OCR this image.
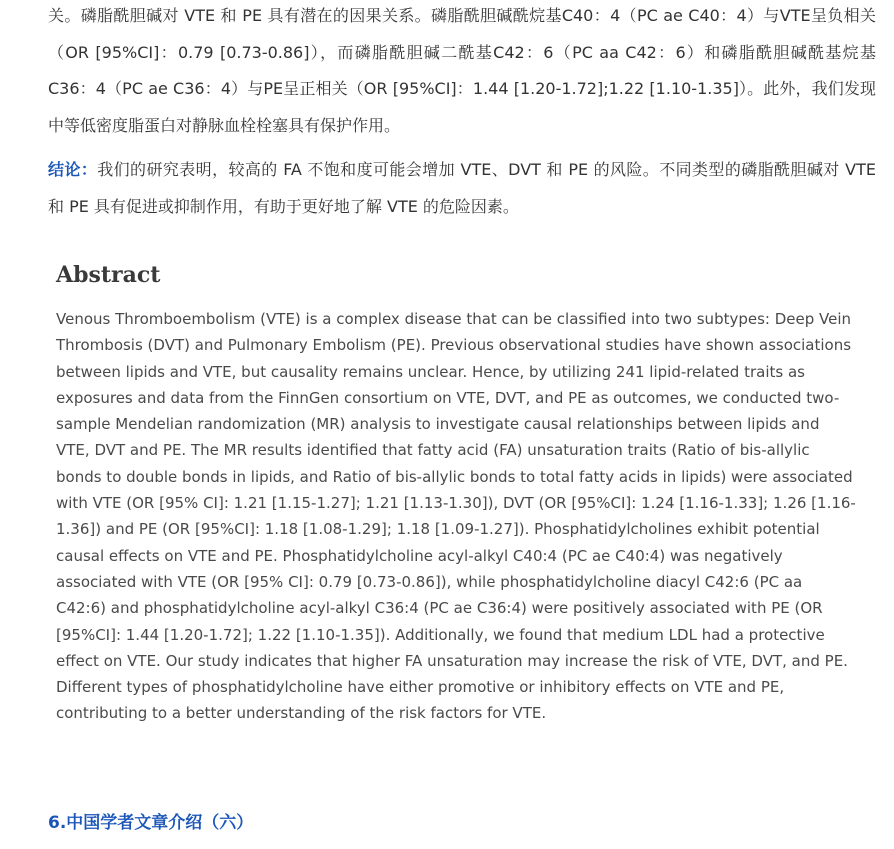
关。磷脂酰胆碱对 VTE 和 PE 具有潜在的因果关系。磷脂酰胆碱酰烷基C40：4（PC ae C40：4）与VTE呈负相关（OR [95%CI]：0.79 [0.73-0.86]），而磷脂酰胆碱二酰基C42：6（PC aa C42：6）和磷脂酰胆碱酰基烷基C36：4（PC ae C36：4）与PE呈正相关（OR [95%CI]：1.44 [1.20-1.72];1.22 [1.10-1.35]）。此外，我们发现中等低密度脂蛋白对静脉血栓栓塞具有保护作用。

结论：我们的研究表明，较高的 FA 不饱和度可能会增加 VTE、DVT 和 PE 的风险。不同类型的磷脂酰胆碱对 VTE 和 PE 具有促进或抑制作用，有助于更好地了解 VTE 的危险因素。

Abstract

Venous Thromboembolism (VTE) is a complex disease that can be classified into two subtypes: Deep Vein Thrombosis (DVT) and Pulmonary Embolism (PE). Previous observational studies have shown associations between lipids and VTE, but causality remains unclear. Hence, by utilizing 241 lipid-related traits as exposures and data from the FinnGen consortium on VTE, DVT, and PE as outcomes, we conducted two-sample Mendelian randomization (MR) analysis to investigate causal relationships between lipids and VTE, DVT and PE. The MR results identified that fatty acid (FA) unsaturation traits (Ratio of bis-allylic bonds to double bonds in lipids, and Ratio of bis-allylic bonds to total fatty acids in lipids) were associated with VTE (OR [95% CI]: 1.21 [1.15-1.27]; 1.21 [1.13-1.30]), DVT (OR [95%CI]: 1.24 [1.16-1.33]; 1.26 [1.16-1.36]) and PE (OR [95%CI]: 1.18 [1.08-1.29]; 1.18 [1.09-1.27]). Phosphatidylcholines exhibit potential causal effects on VTE and PE. Phosphatidylcholine acyl-alkyl C40:4 (PC ae C40:4) was negatively associated with VTE (OR [95% CI]: 0.79 [0.73-0.86]), while phosphatidylcholine diacyl C42:6 (PC aa C42:6) and phosphatidylcholine acyl-alkyl C36:4 (PC ae C36:4) were positively associated with PE (OR [95%CI]: 1.44 [1.20-1.72]; 1.22 [1.10-1.35]). Additionally, we found that medium LDL had a protective effect on VTE. Our study indicates that higher FA unsaturation may increase the risk of VTE, DVT, and PE. Different types of phosphatidylcholine have either promotive or inhibitory effects on VTE and PE, contributing to a better understanding of the risk factors for VTE.

6.中国学者文章介绍（六）
